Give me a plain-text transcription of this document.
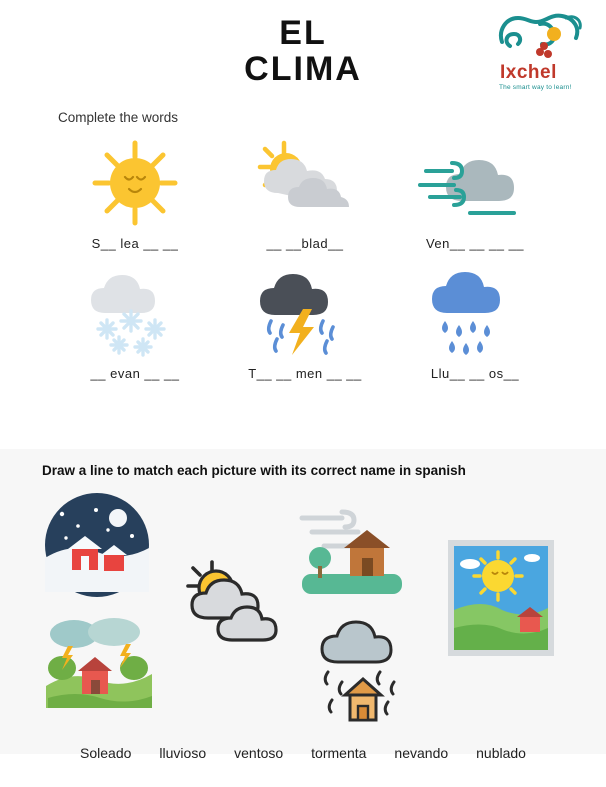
EL
CLIMA	Ixchel
The smart way to learn!
Complete the words
S__ lea __ __	__ __blad__	Ven__ __ __ __
__ evan __ __	T__ __ men __ __	Llu__ __ os__
Draw a line to match each picture with its correct name in spanish
Soleado	lluvioso	ventoso	tormenta	nevando	nublado
